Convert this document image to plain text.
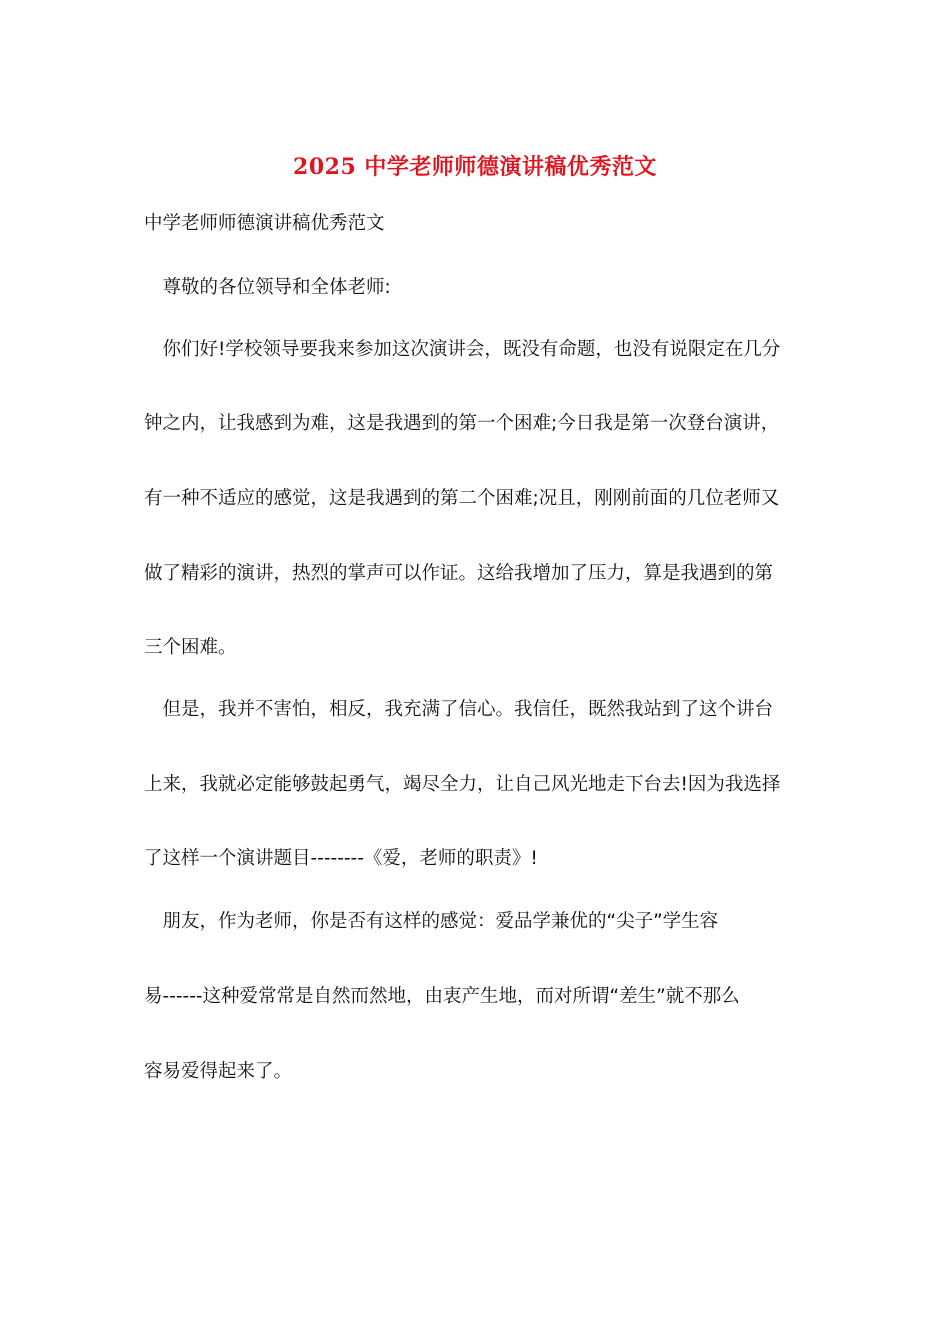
2025 中学老师师德演讲稿优秀范文
中学老师师德演讲稿优秀范文
　尊敬的各位领导和全体老师:
　你们好!学校领导要我来参加这次演讲会，既没有命题，也没有说限定在几分
钟之内，让我感到为难，这是我遇到的第一个困难;今日我是第一次登台演讲，
有一种不适应的感觉，这是我遇到的第二个困难;况且，刚刚前面的几位老师又
做了精彩的演讲，热烈的掌声可以作证。这给我增加了压力，算是我遇到的第
三个困难。
　但是，我并不害怕，相反，我充满了信心。我信任，既然我站到了这个讲台
上来，我就必定能够鼓起勇气，竭尽全力，让自己风光地走下台去!因为我选择
了这样一个演讲题目--------《爱，老师的职责》!
　朋友，作为老师，你是否有这样的感觉：爱品学兼优的“尖子”学生容
易------这种爱常常是自然而然地，由衷产生地，而对所谓“差生”就不那么
容易爱得起来了。
